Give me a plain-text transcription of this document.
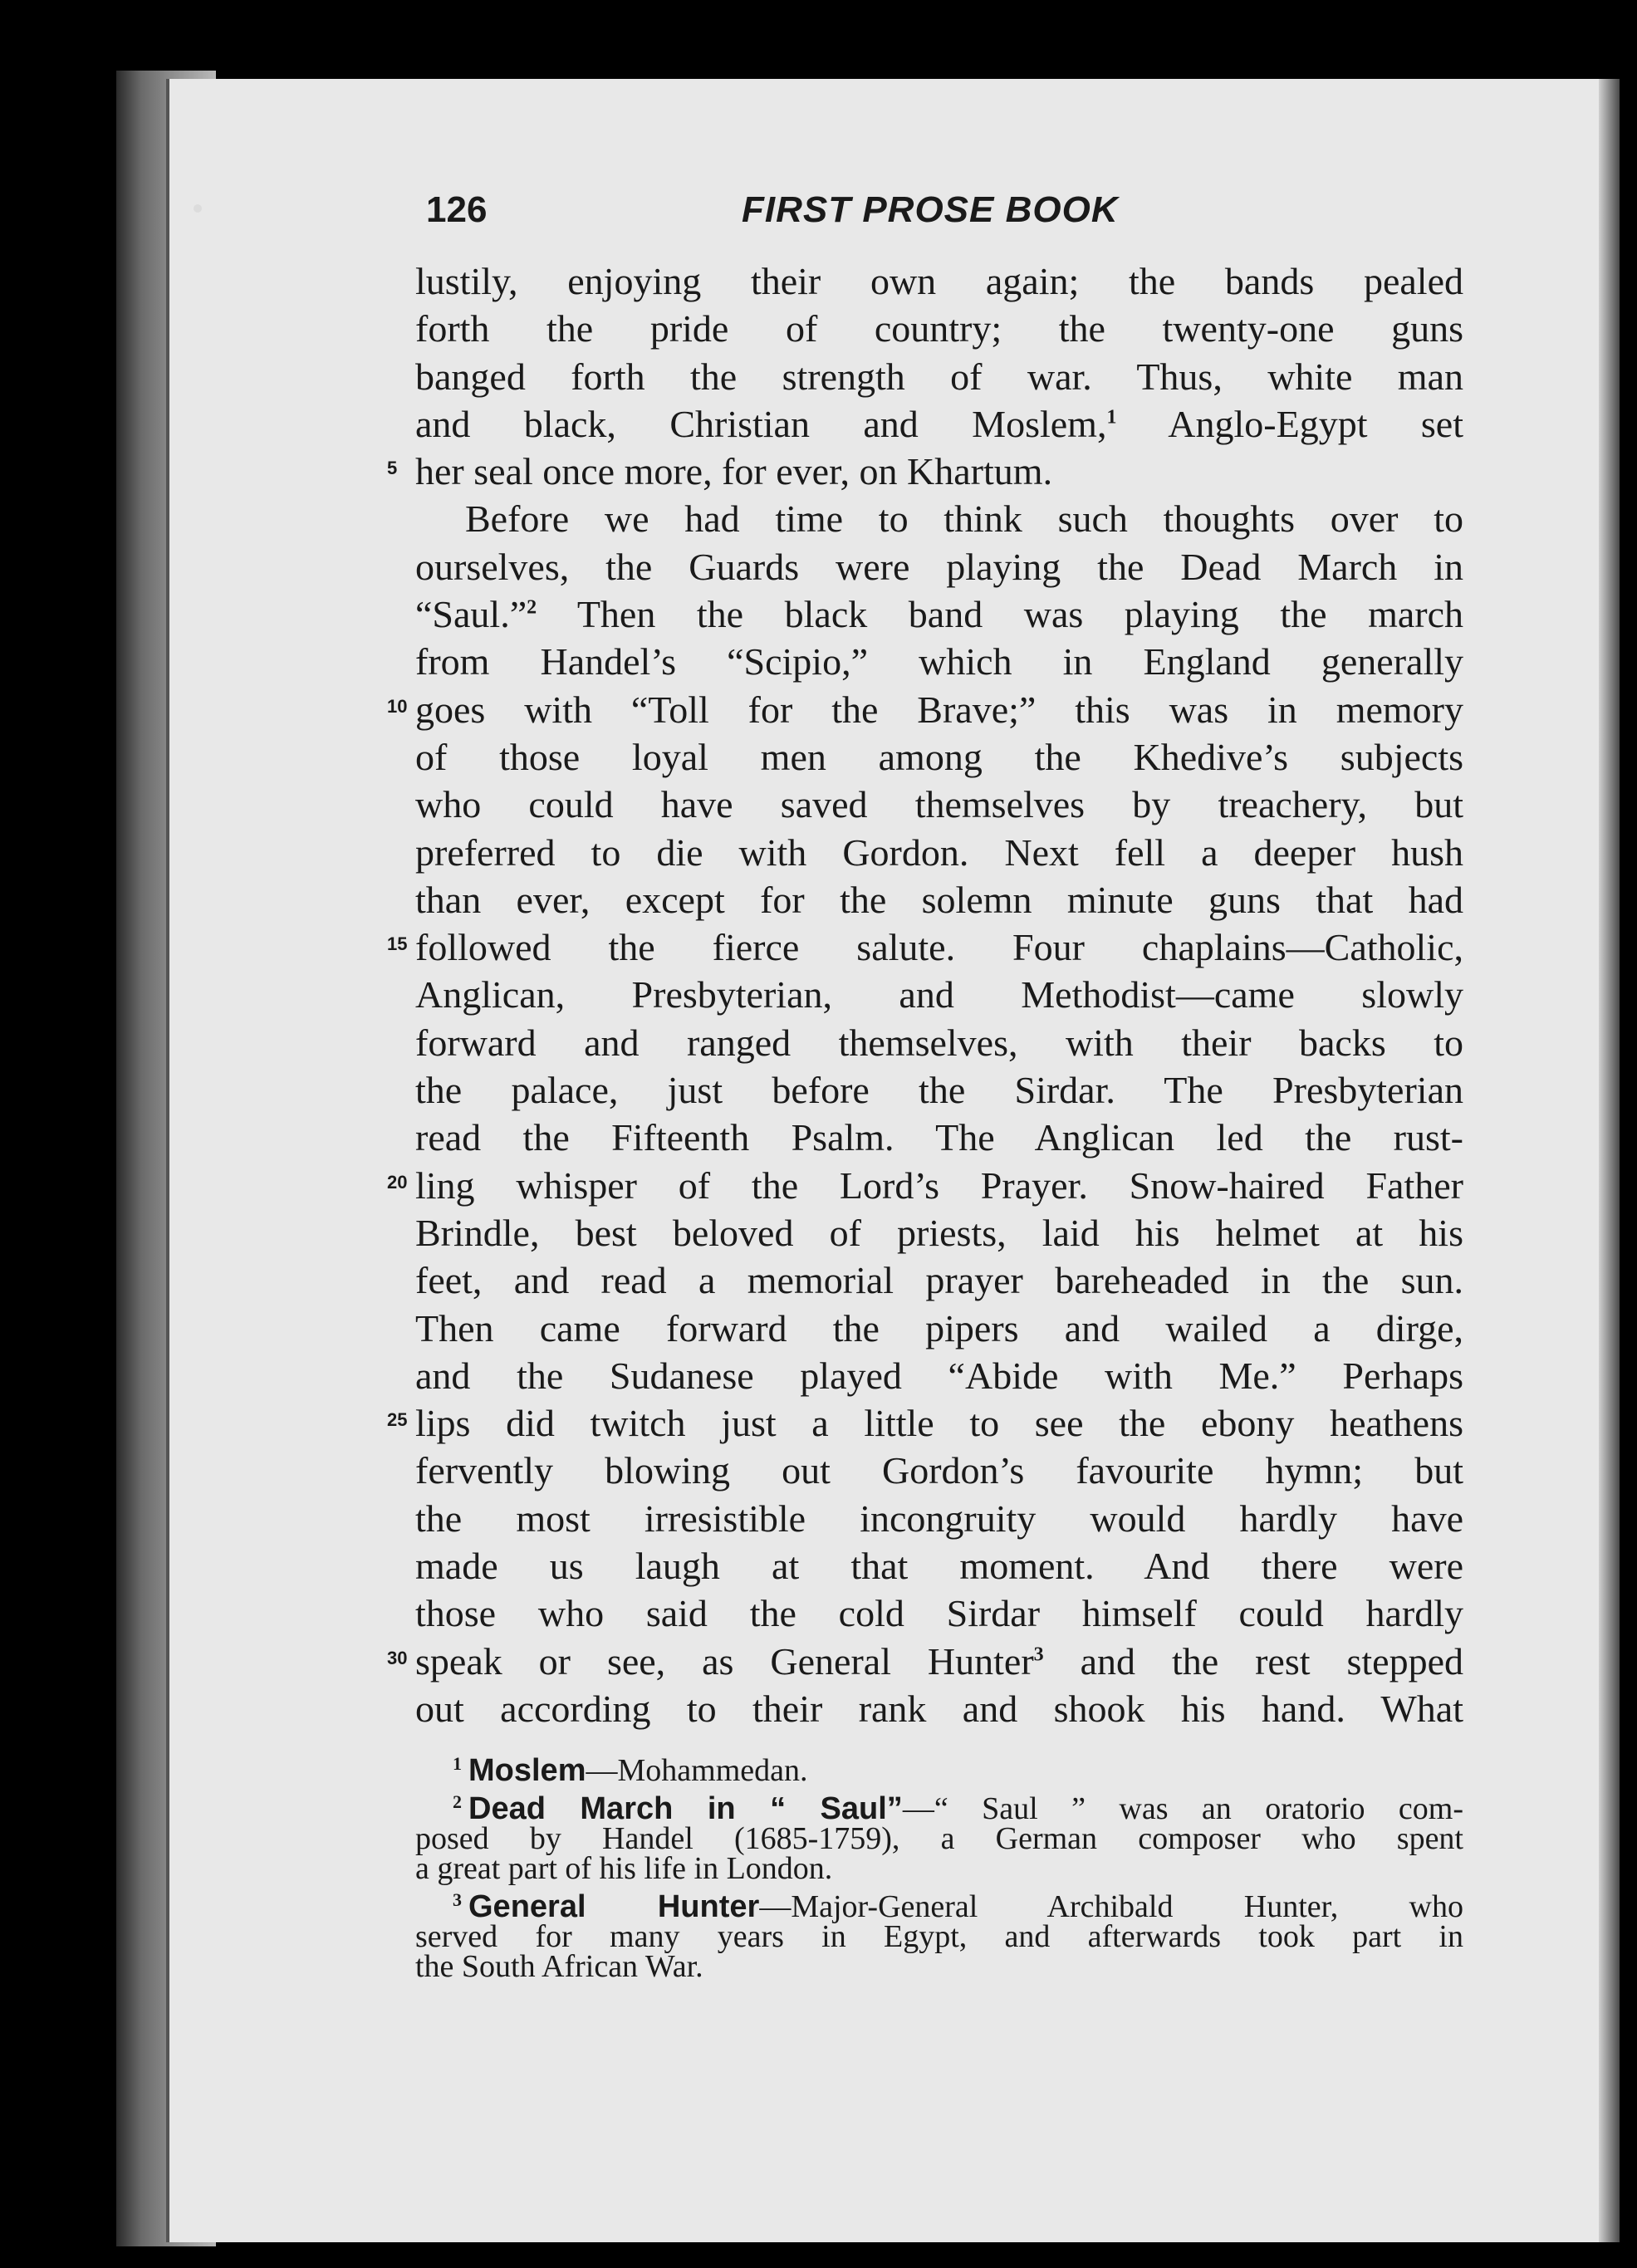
126	FIRST PROSE BOOK
lustily, enjoying their own again; the bands pealed
forth the pride of country; the twenty-one guns
banged forth the strength of war. Thus, white man
and black, Christian and Moslem,$^1$ Anglo-Egypt set
5 her seal once more, for ever, on Khartum.
Before we had time to think such thoughts over to
ourselves, the Guards were playing the Dead March in
“Saul.”$^2$ Then the black band was playing the march
from Handel’s “Scipio,” which in England generally
10 goes with “Toll for the Brave;” this was in memory
of those loyal men among the Khedive’s subjects
who could have saved themselves by treachery, but
preferred to die with Gordon. Next fell a deeper hush
than ever, except for the solemn minute guns that had
15 followed the fierce salute. Four chaplains—Catholic,
Anglican, Presbyterian, and Methodist—came slowly
forward and ranged themselves, with their backs to
the palace, just before the Sirdar. The Presbyterian
read the Fifteenth Psalm. The Anglican led the rust-
20 ling whisper of the Lord’s Prayer. Snow-haired Father
Brindle, best beloved of priests, laid his helmet at his
feet, and read a memorial prayer bareheaded in the sun.
Then came forward the pipers and wailed a dirge,
and the Sudanese played “Abide with Me.” Perhaps
25 lips did twitch just a little to see the ebony heathens
fervently blowing out Gordon’s favourite hymn; but
the most irresistible incongruity would hardly have
made us laugh at that moment. And there were
those who said the cold Sirdar himself could hardly
30 speak or see, as General Hunter$^3$ and the rest stepped
out according to their rank and shook his hand. What
$^1$ Moslem—Mohammedan.
$^2$ Dead March in “ Saul”—“ Saul ” was an oratorio com-
posed by Handel (1685-1759), a German composer who spent
a great part of his life in London.
$^3$ General Hunter—Major-General Archibald Hunter, who
served for many years in Egypt, and afterwards took part in
the South African War.
